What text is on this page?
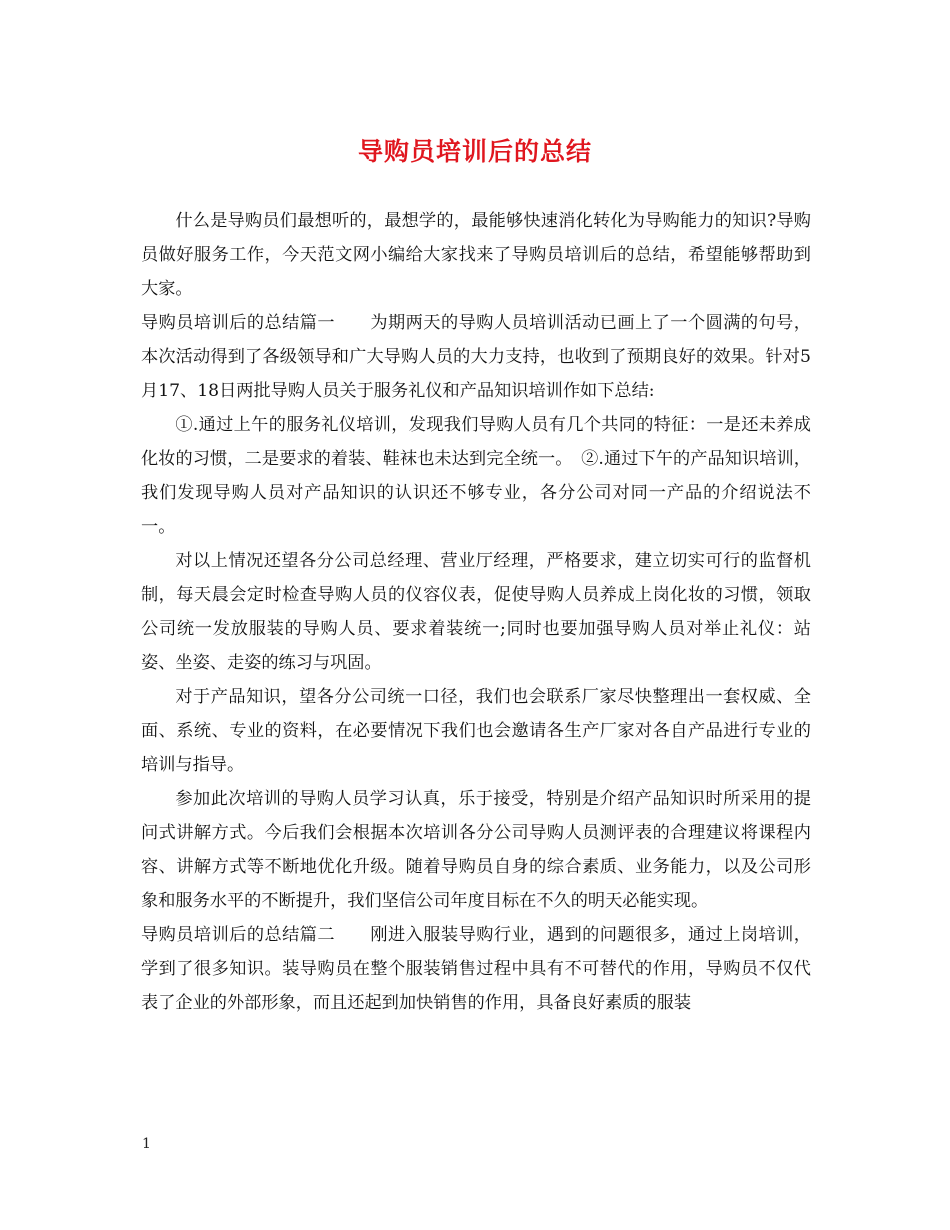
导购员培训后的总结

什么是导购员们最想听的，最想学的，最能够快速消化转化为导购能力的知识?导购员做好服务工作，今天范文网小编给大家找来了导购员培训后的总结，希望能够帮助到大家。

导购员培训后的总结篇一　　 为期两天的导购人员培训活动已画上了一个圆满的句号，本次活动得到了各级领导和广大导购人员的大力支持，也收到了预期良好的效果。针对5月17、18日两批导购人员关于服务礼仪和产品知识培训作如下总结:

①.通过上午的服务礼仪培训，发现我们导购人员有几个共同的特征：一是还未养成化妆的习惯，二是要求的着装、鞋袜也未达到完全统一。　②.通过下午的产品知识培训，我们发现导购人员对产品知识的认识还不够专业，各分公司对同一产品的介绍说法不一。

对以上情况还望各分公司总经理、营业厅经理，严格要求，建立切实可行的监督机制，每天晨会定时检查导购人员的仪容仪表，促使导购人员养成上岗化妆的习惯，领取公司统一发放服装的导购人员、要求着装统一;同时也要加强导购人员对举止礼仪：站姿、坐姿、走姿的练习与巩固。

对于产品知识，望各分公司统一口径，我们也会联系厂家尽快整理出一套权威、全面、系统、专业的资料，在必要情况下我们也会邀请各生产厂家对各自产品进行专业的培训与指导。

参加此次培训的导购人员学习认真，乐于接受，特别是介绍产品知识时所采用的提问式讲解方式。今后我们会根据本次培训各分公司导购人员测评表的合理建议将课程内容、讲解方式等不断地优化升级。随着导购员自身的综合素质、业务能力，以及公司形象和服务水平的不断提升，我们坚信公司年度目标在不久的明天必能实现。

导购员培训后的总结篇二　　 刚进入服装导购行业，遇到的问题很多，通过上岗培训，学到了很多知识。装导购员在整个服装销售过程中具有不可替代的作用，导购员不仅代表了企业的外部形象，而且还起到加快销售的作用，具备良好素质的服装

1
